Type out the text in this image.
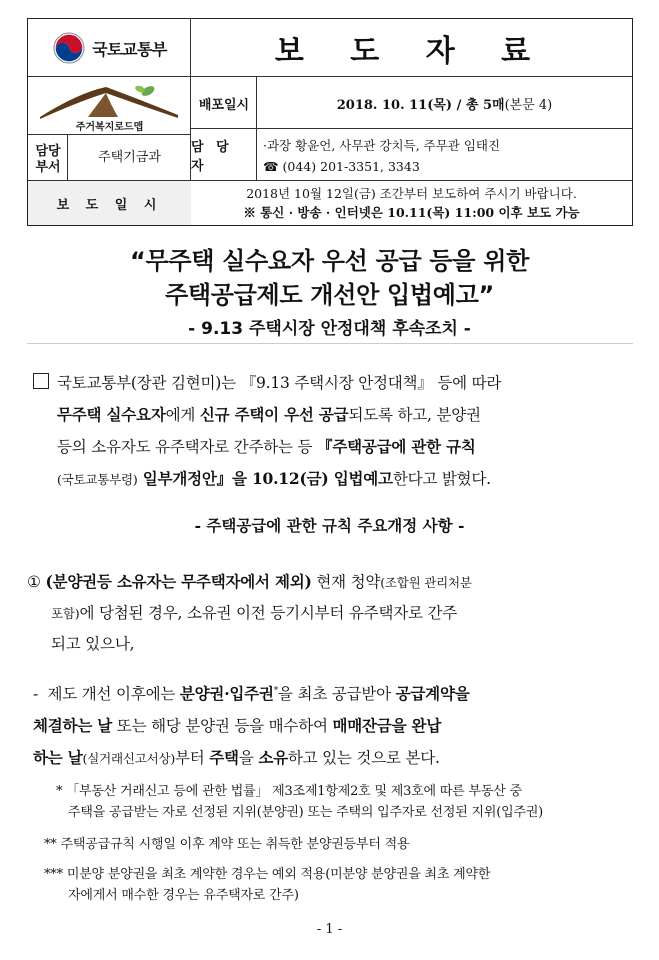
국토교통부	보 도 자 료
주거복지로드맵
배포일시	2018. 10. 11(목) / 총 5매 (본문 4)
담당 부서
주택기금과
담 당 자
·과장 황윤언, 사무관 강치득, 주무관 임태진
☎ (044) 201-3351, 3343
보 도 일 시
2018년 10월 12일(금) 조간부터 보도하여 주시기 바랍니다.
※ 통신 · 방송 · 인터넷은 10.11(목) 11:00 이후 보도 가능
“무주택 실수요자 우선 공급 등을 위한
주택공급제도 개선안 입법예고”
- 9.13 주택시장 안정대책 후속조치 -
국토교통부(장관 김현미)는 『9.13 주택시장 안정대책』 등에 따라
무주택 실수요자에게 신규 주택이 우선 공급되도록 하고, 분양권
등의 소유자도 유주택자로 간주하는 등 『주택공급에 관한 규칙
(국토교통부령) 일부개정안』을 10.12(금) 입법예고한다고 밝혔다.
- 주택공급에 관한 규칙 주요개정 사항 -
① (분양권등 소유자는 무주택자에서 제외) 현재 청약(조합원 관리처분
포함)에 당첨된 경우, 소유권 이전 등기시부터 유주택자로 간주
되고 있으나,
- 제도 개선 이후에는 분양권·입주권*을 최초 공급받아 공급계약을
체결하는 날 또는 해당 분양권 등을 매수하여 매매잔금을 완납
하는 날(실거래신고서상)부터 주택을 소유하고 있는 것으로 본다.
* 「부동산 거래신고 등에 관한 법률」 제3조제1항제2호 및 제3호에 따른 부동산 중
주택을 공급받는 자로 선정된 지위(분양권) 또는 주택의 입주자로 선정된 지위(입주권)
** 주택공급규칙 시행일 이후 계약 또는 취득한 분양권등부터 적용
*** 미분양 분양권을 최초 계약한 경우는 예외 적용(미분양 분양권을 최초 계약한
자에게서 매수한 경우는 유주택자로 간주)
- 1 -
